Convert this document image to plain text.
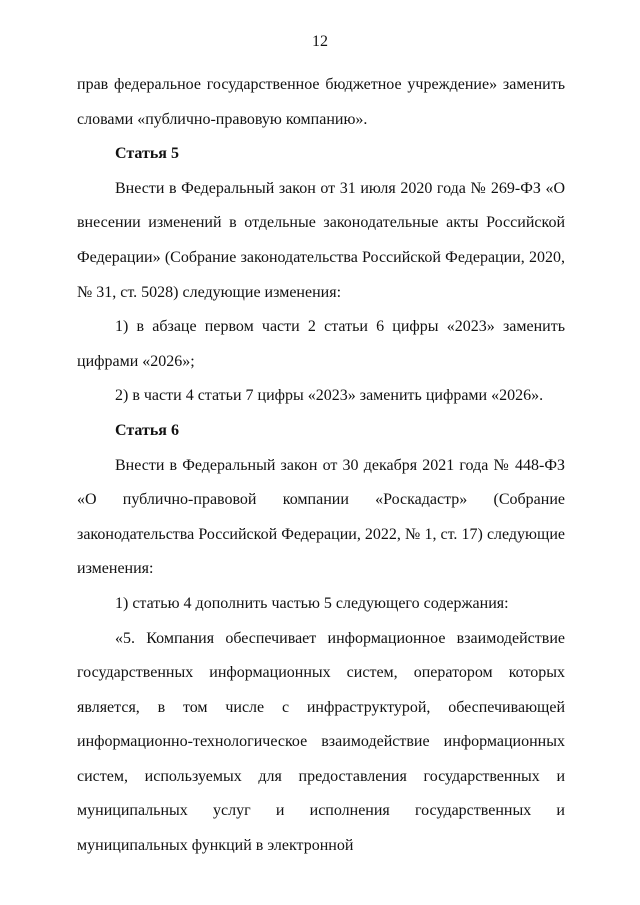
12

прав федеральное государственное бюджетное учреждение» заменить словами «публично-правовую компанию».

Статья 5

Внести в Федеральный закон от 31 июля 2020 года № 269-ФЗ «О внесении изменений в отдельные законодательные акты Российской Федерации» (Собрание законодательства Российской Федерации, 2020, № 31, ст. 5028) следующие изменения:

1) в абзаце первом части 2 статьи 6 цифры «2023» заменить цифрами «2026»;

2) в части 4 статьи 7 цифры «2023» заменить цифрами «2026».

Статья 6

Внести в Федеральный закон от 30 декабря 2021 года № 448-ФЗ «О публично-правовой компании «Роскадастр» (Собрание законодательства Российской Федерации, 2022, № 1, ст. 17) следующие изменения:

1) статью 4 дополнить частью 5 следующего содержания:

«5. Компания обеспечивает информационное взаимодействие государственных информационных систем, оператором которых является, в том числе с инфраструктурой, обеспечивающей информационно-технологическое взаимодействие информационных систем, используемых для предоставления государственных и муниципальных услуг и исполнения государственных и муниципальных функций в электронной
